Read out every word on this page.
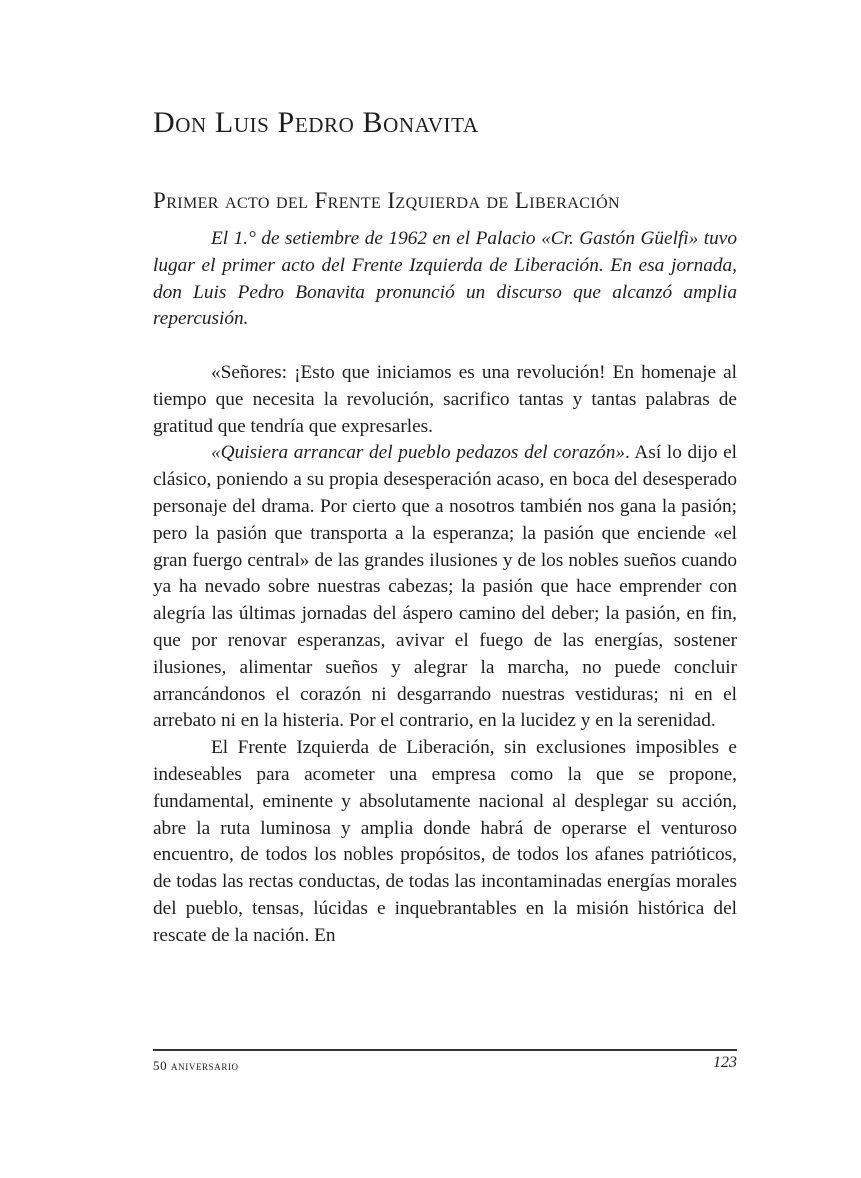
Don Luis Pedro Bonavita
Primer acto del Frente Izquierda de Liberación

El 1.° de setiembre de 1962 en el Palacio «Cr. Gastón Güelfi» tuvo lugar el primer acto del Frente Izquierda de Liberación. En esa jornada, don Luis Pedro Bonavita pronunció un discurso que alcanzó amplia repercusión.

«Señores: ¡Esto que iniciamos es una revolución! En homenaje al tiempo que necesita la revolución, sacrifico tantas y tantas palabras de gratitud que tendría que expresarles.

«Quisiera arrancar del pueblo pedazos del corazón». Así lo dijo el clásico, poniendo a su propia desesperación acaso, en boca del desesperado personaje del drama. Por cierto que a nosotros también nos gana la pasión; pero la pasión que transporta a la esperanza; la pasión que enciende «el gran fuergo central» de las grandes ilusiones y de los nobles sueños cuando ya ha nevado sobre nuestras cabezas; la pasión que hace emprender con alegría las últimas jornadas del áspero camino del deber; la pasión, en fin, que por renovar esperanzas, avivar el fuego de las energías, sostener ilusiones, alimentar sueños y alegrar la marcha, no puede concluir arrancándonos el corazón ni desgarrando nuestras vestiduras; ni en el arrebato ni en la histeria. Por el contrario, en la lucidez y en la serenidad.

El Frente Izquierda de Liberación, sin exclusiones imposibles e indeseables para acometer una empresa como la que se propone, fundamental, eminente y absolutamente nacional al desplegar su acción, abre la ruta luminosa y amplia donde habrá de operarse el venturoso encuentro, de todos los nobles propósitos, de todos los afanes patrióticos, de todas las rectas conductas, de todas las incontaminadas energías morales del pueblo, tensas, lúcidas e inquebrantables en la misión histórica del rescate de la nación. En

50 aniversario	123
